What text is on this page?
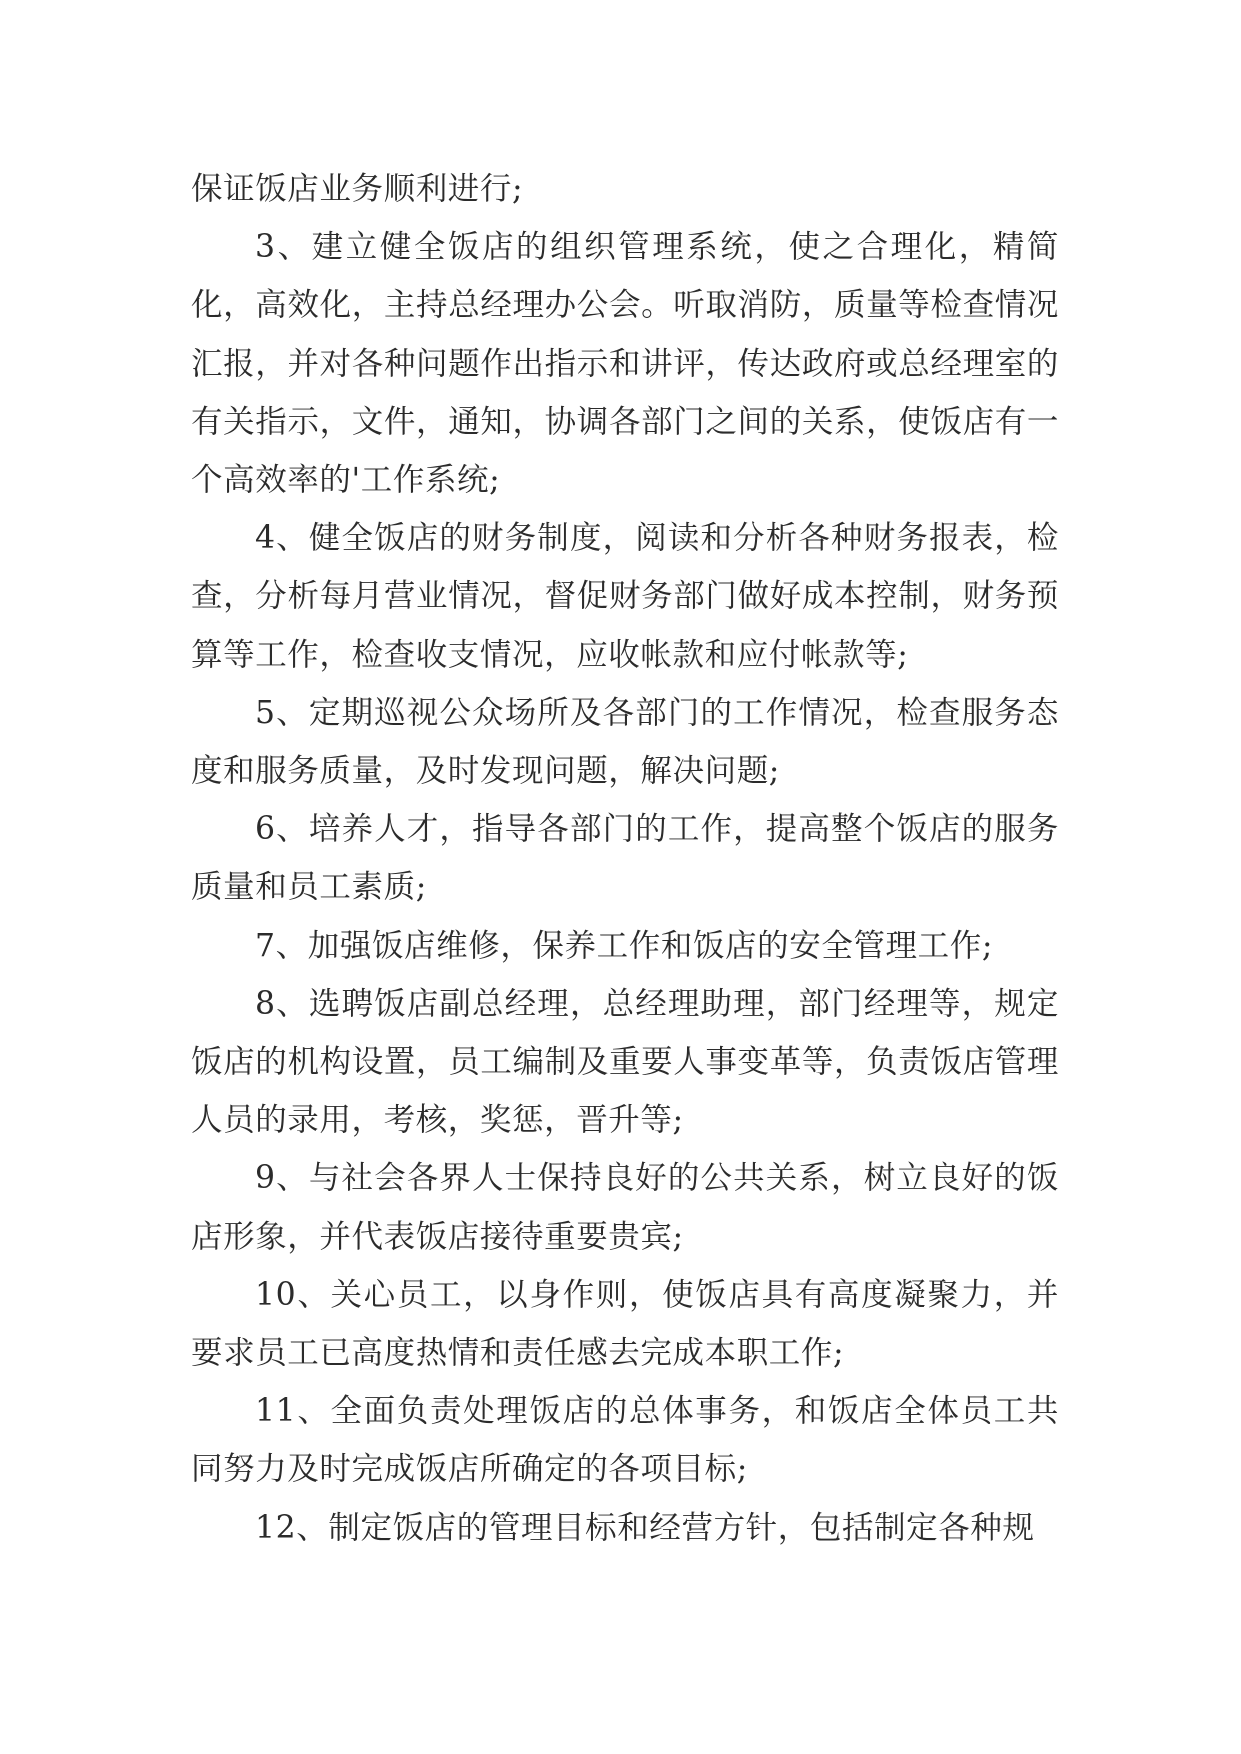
保证饭店业务顺利进行;

3、建立健全饭店的组织管理系统，使之合理化，精简化，高效化，主持总经理办公会。听取消防，质量等检查情况汇报，并对各种问题作出指示和讲评，传达政府或总经理室的有关指示，文件，通知，协调各部门之间的关系，使饭店有一个高效率的'工作系统;

4、健全饭店的财务制度，阅读和分析各种财务报表，检查，分析每月营业情况，督促财务部门做好成本控制，财务预算等工作，检查收支情况，应收帐款和应付帐款等;

5、定期巡视公众场所及各部门的工作情况，检查服务态度和服务质量，及时发现问题，解决问题;

6、培养人才，指导各部门的工作，提高整个饭店的服务质量和员工素质;

7、加强饭店维修，保养工作和饭店的安全管理工作;

8、选聘饭店副总经理，总经理助理，部门经理等，规定饭店的机构设置，员工编制及重要人事变革等，负责饭店管理人员的录用，考核，奖惩，晋升等;

9、与社会各界人士保持良好的公共关系，树立良好的饭店形象，并代表饭店接待重要贵宾;

10、关心员工，以身作则，使饭店具有高度凝聚力，并要求员工已高度热情和责任感去完成本职工作;

11、全面负责处理饭店的总体事务，和饭店全体员工共同努力及时完成饭店所确定的各项目标;

12、制定饭店的管理目标和经营方针，包括制定各种规
